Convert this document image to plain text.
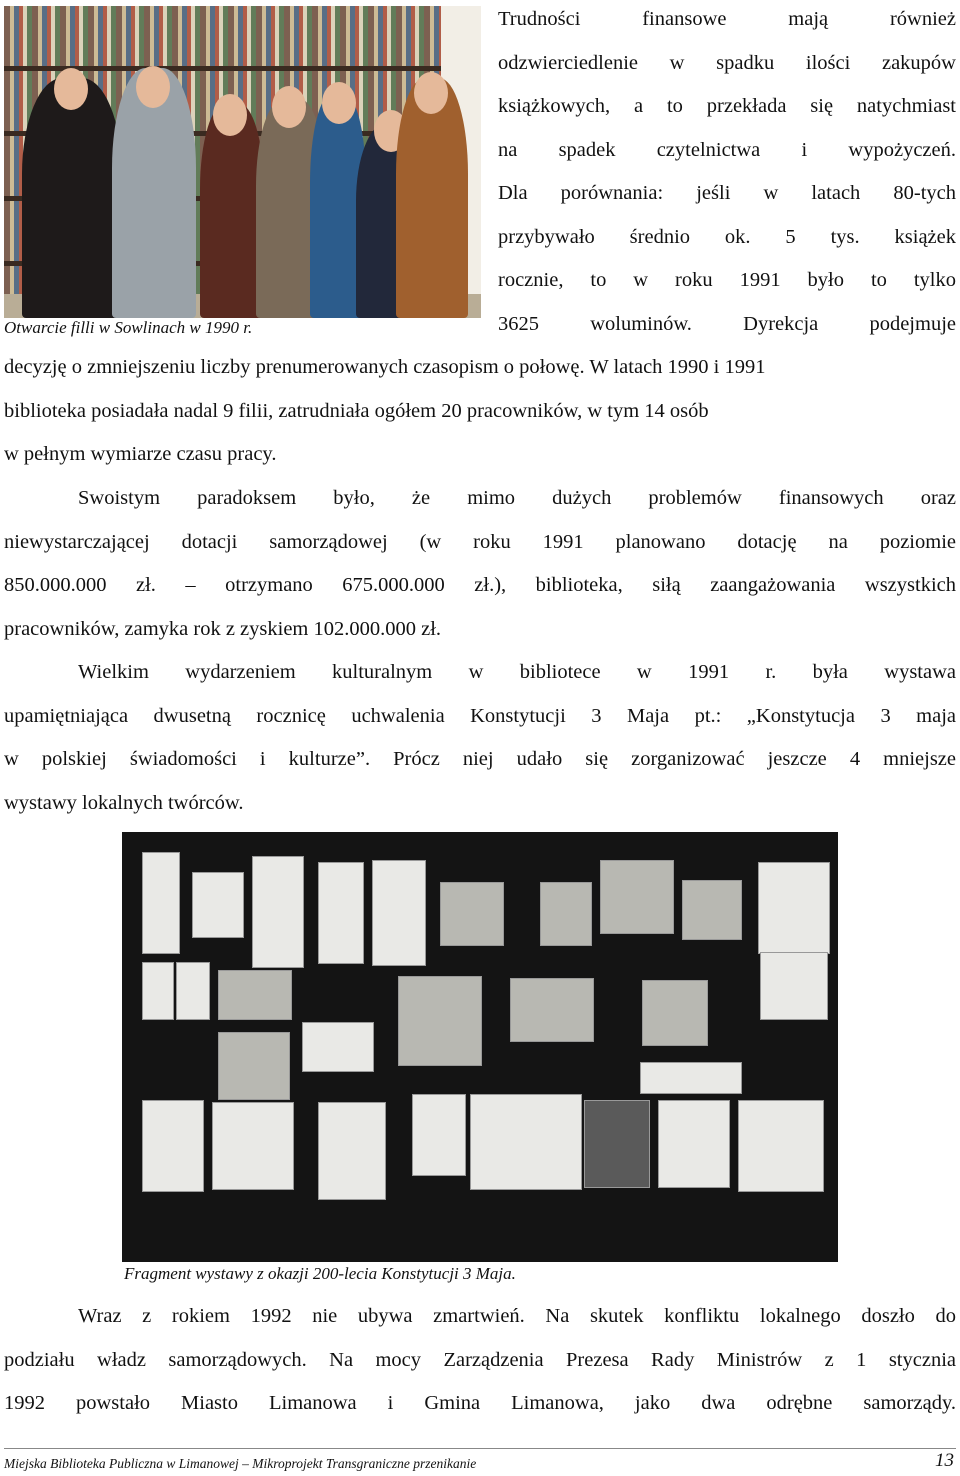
Otwarcie filli w Sowlinach w 1990 r.
Trudności finansowe mają również
odzwierciedlenie w spadku ilości zakupów
książkowych, a to przekłada się natychmiast
na spadek czytelnictwa i wypożyczeń.
Dla porównania: jeśli w latach 80-tych
przybywało średnio ok. 5 tys. książek
rocznie, to w roku 1991 było to tylko
3625 woluminów. Dyrekcja podejmuje
decyzję o zmniejszeniu liczby prenumerowanych czasopism o połowę. W latach 1990 i 1991
biblioteka posiadała nadal 9 filii, zatrudniała ogółem 20 pracowników, w tym 14 osób
w pełnym wymiarze czasu pracy.
Swoistym paradoksem było, że mimo dużych problemów finansowych oraz
niewystarczającej dotacji samorządowej (w roku 1991 planowano dotację na poziomie
850.000.000 zł. – otrzymano 675.000.000 zł.), biblioteka, siłą zaangażowania wszystkich
pracowników, zamyka rok z zyskiem 102.000.000 zł.
Wielkim wydarzeniem kulturalnym w bibliotece w 1991 r. była wystawa
upamiętniająca dwusetną rocznicę uchwalenia Konstytucji 3 Maja pt.: „Konstytucja 3 maja
w polskiej świadomości i kulturze”. Prócz niej udało się zorganizować jeszcze 4 mniejsze
wystawy lokalnych twórców.
Fragment wystawy z okazji 200-lecia Konstytucji 3 Maja.
Wraz z rokiem 1992 nie ubywa zmartwień. Na skutek konfliktu lokalnego doszło do
podziału władz samorządowych. Na mocy Zarządzenia Prezesa Rady Ministrów z 1 stycznia
1992 powstało Miasto Limanowa i Gmina Limanowa, jako dwa odrębne samorządy.
Miejska Biblioteka Publiczna w Limanowej – Mikroprojekt Transgraniczne przenikanie	13
